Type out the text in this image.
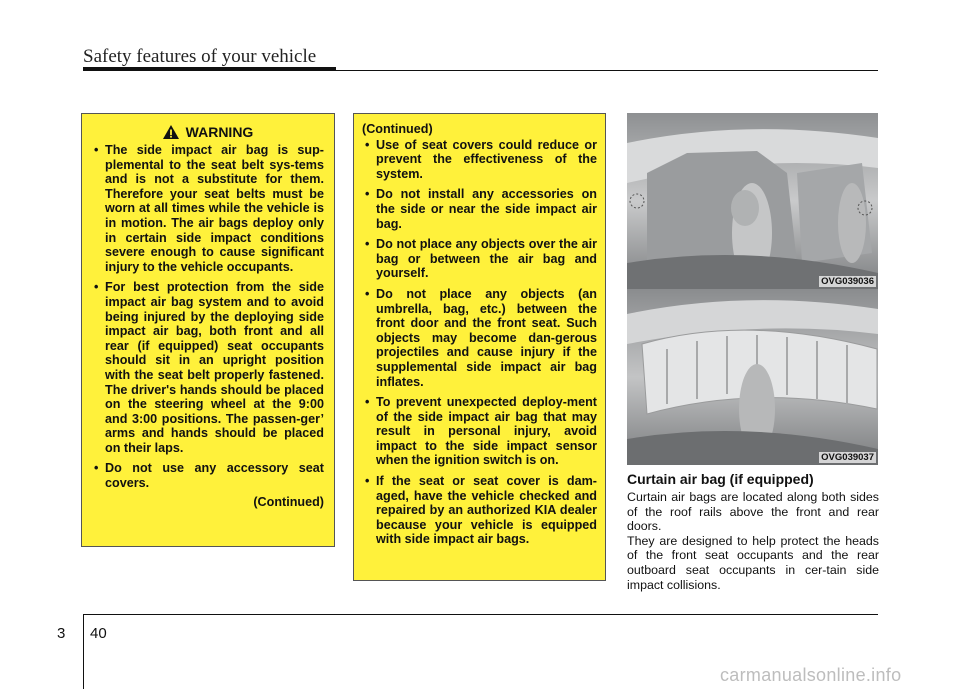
Safety features of your vehicle
WARNING
• The side impact air bag is sup-plemental to the seat belt sys-tems and is not a substitute for them. Therefore your seat belts must be worn at all times while the vehicle is in motion. The air bags deploy only in certain side impact conditions severe enough to cause significant injury to the vehicle occupants.
• For best protection from the side impact air bag system and to avoid being injured by the deploying side impact air bag, both front and all rear (if equipped) seat occupants should sit in an upright position with the seat belt properly fastened. The driver's hands should be placed on the steering wheel at the 9:00 and 3:00 positions. The passen-ger’ arms and hands should be placed on their laps.
• Do not use any accessory seat covers.
(Continued)
(Continued)
• Use of seat covers could reduce or prevent the effectiveness of the system.
• Do not install any accessories on the side or near the side impact air bag.
• Do not place any objects over the air bag or between the air bag and yourself.
• Do not place any objects (an umbrella, bag, etc.) between the front door and the front seat. Such objects may become dan-gerous projectiles and cause injury if the supplemental side impact air bag inflates.
• To prevent unexpected deploy-ment of the side impact air bag that may result in personal injury, avoid impact to the side impact sensor when the ignition switch is on.
• If the seat or seat cover is dam-aged, have the vehicle checked and repaired by an authorized KIA dealer because your vehicle is equipped with side impact air bags.
OVG039036
OVG039037
Curtain air bag (if equipped)

Curtain air bags are located along both sides of the roof rails above the front and rear doors.

They are designed to help protect the heads of the front seat occupants and the rear outboard seat occupants in cer-tain side impact collisions.

3 40
carmanualsonline.info
